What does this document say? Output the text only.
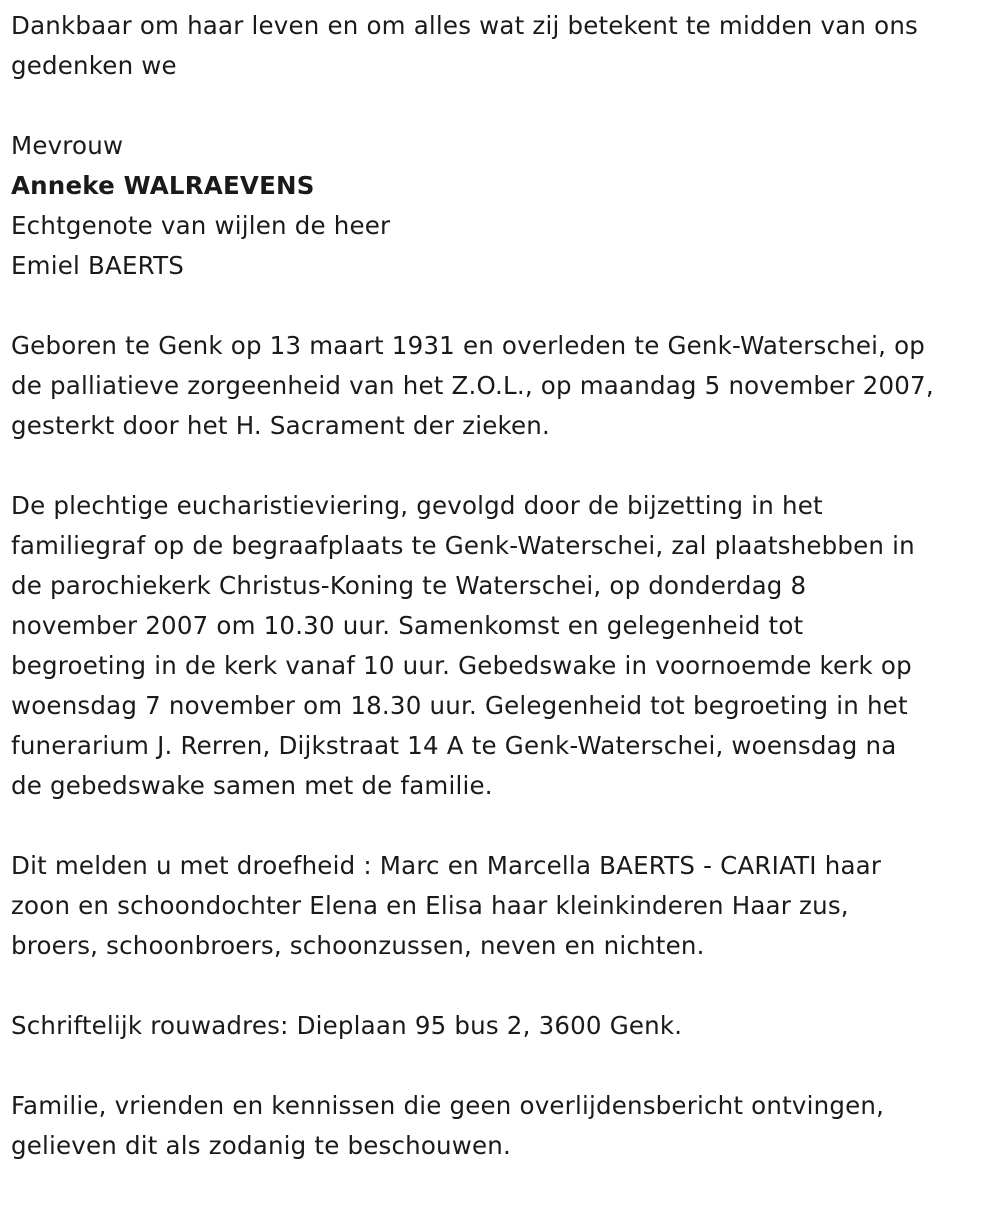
Dankbaar om haar leven en om alles wat zij betekent te midden van ons
gedenken we

Mevrouw

Anneke WALRAEVENS

Echtgenote van wijlen de heer

Emiel BAERTS

Geboren te Genk op 13 maart 1931 en overleden te Genk-Waterschei, op
de palliatieve zorgeenheid van het Z.O.L., op maandag 5 november 2007,
gesterkt door het H. Sacrament der zieken.

De plechtige eucharistieviering, gevolgd door de bijzetting in het
familiegraf op de begraafplaats te Genk-Waterschei, zal plaatshebben in
de parochiekerk Christus-Koning te Waterschei, op donderdag 8
november 2007 om 10.30 uur. Samenkomst en gelegenheid tot
begroeting in de kerk vanaf 10 uur. Gebedswake in voornoemde kerk op
woensdag 7 november om 18.30 uur. Gelegenheid tot begroeting in het
funerarium J. Rerren, Dijkstraat 14 A te Genk-Waterschei, woensdag na
de gebedswake samen met de familie.

Dit melden u met droefheid : Marc en Marcella BAERTS - CARIATI haar
zoon en schoondochter Elena en Elisa haar kleinkinderen Haar zus,
broers, schoonbroers, schoonzussen, neven en nichten.

Schriftelijk rouwadres: Dieplaan 95 bus 2, 3600 Genk.

Familie, vrienden en kennissen die geen overlijdensbericht ontvingen,
gelieven dit als zodanig te beschouwen.
